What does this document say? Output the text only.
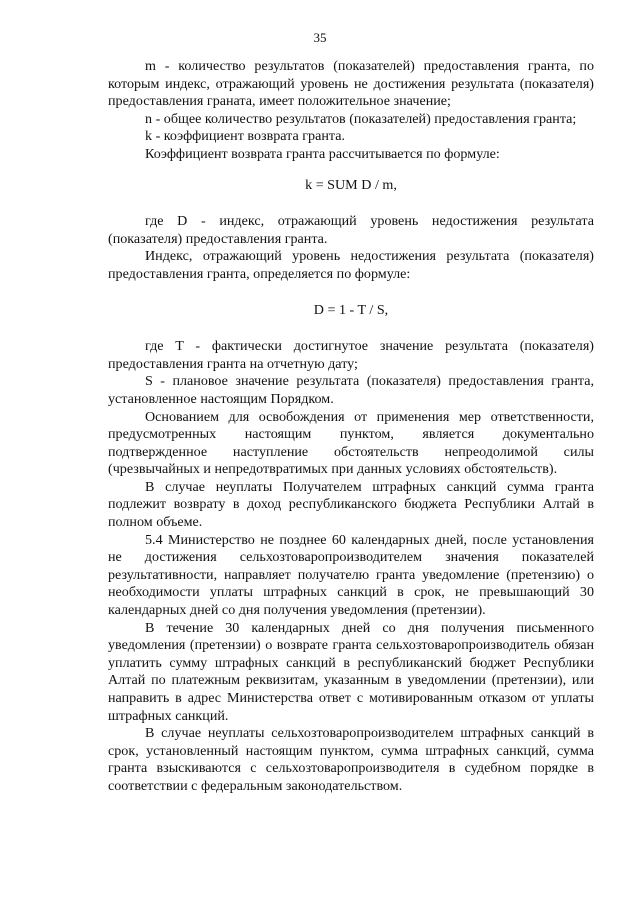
35

m - количество результатов (показателей) предоставления гранта, по которым индекс, отражающий уровень не достижения результата (показателя) предоставления граната, имеет положительное значение;

n - общее количество результатов (показателей) предоставления гранта;

k - коэффициент возврата гранта.

Коэффициент возврата гранта рассчитывается по формуле:

k = SUM D / m,

где D - индекс, отражающий уровень недостижения результата (показателя) предоставления гранта.

Индекс, отражающий уровень недостижения результата (показателя) предоставления гранта, определяется по формуле:

D = 1 - T / S,

где T - фактически достигнутое значение результата (показателя) предоставления гранта на отчетную дату;

S - плановое значение результата (показателя) предоставления гранта, установленное настоящим Порядком.

Основанием для освобождения от применения мер ответственности, предусмотренных настоящим пунктом, является документально подтвержденное наступление обстоятельств непреодолимой силы (чрезвычайных и непредотвратимых при данных условиях обстоятельств).

В случае неуплаты Получателем штрафных санкций сумма гранта подлежит возврату в доход республиканского бюджета Республики Алтай в полном объеме.

5.4 Министерство не позднее 60 календарных дней, после установления не достижения сельхозтоваропроизводителем значения показателей результативности, направляет получателю гранта уведомление (претензию) о необходимости уплаты штрафных санкций в срок, не превышающий 30 календарных дней со дня получения уведомления (претензии).

В течение 30 календарных дней со дня получения письменного уведомления (претензии) о возврате гранта сельхозтоваропроизводитель обязан уплатить сумму штрафных санкций в республиканский бюджет Республики Алтай по платежным реквизитам, указанным в уведомлении (претензии), или направить в адрес Министерства ответ с мотивированным отказом от уплаты штрафных санкций.

В случае неуплаты сельхозтоваропроизводителем штрафных санкций в срок, установленный настоящим пунктом, сумма штрафных санкций, сумма гранта взыскиваются с сельхозтоваропроизводителя в судебном порядке в соответствии с федеральным законодательством.
